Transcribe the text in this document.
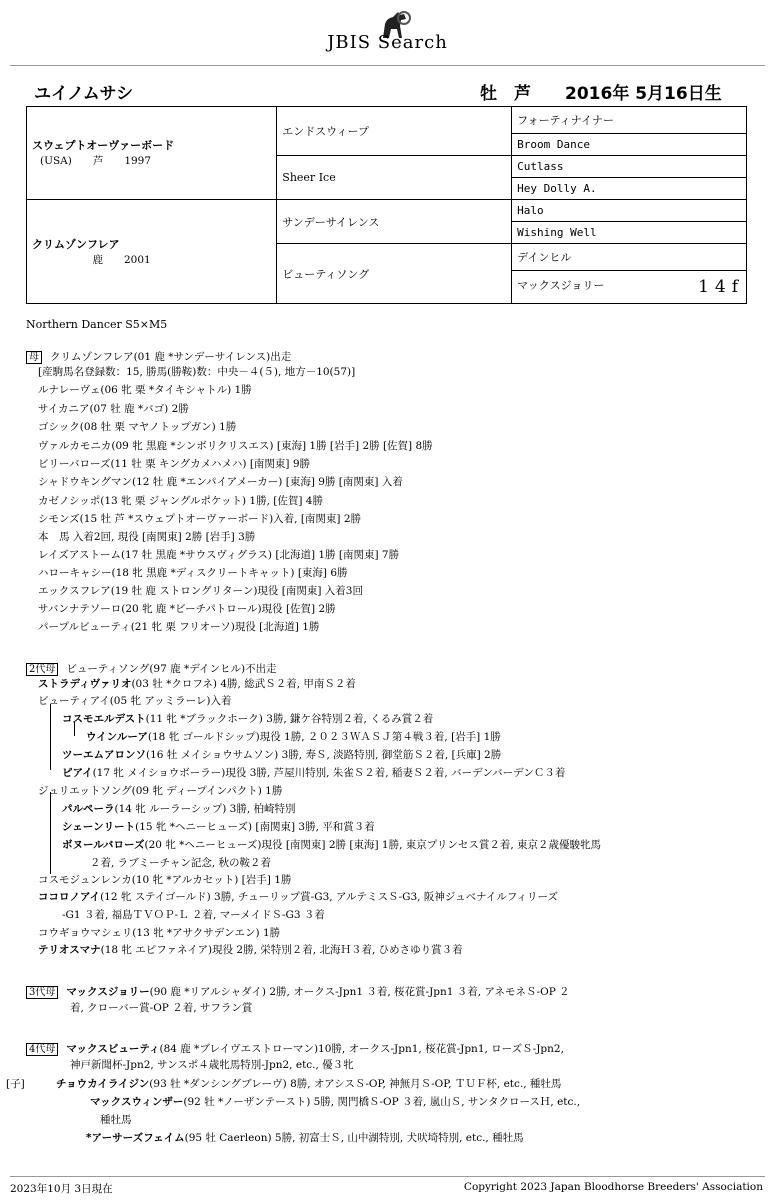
JBIS Search
ユイノムサシ	牡　芦　　2016年 5月16日生
スウェプトオーヴァーボード
(USA)　　芦　　1997	エンドスウィープ	フォーティナイナー
		Broom Dance
	Sheer Ice	Cutlass
		Hey Dolly A.

クリムゾンフレア
　　　　　鹿　　2001	サンデーサイレンス	Halo
		Wishing Well
	ビューティソング	デインヒル
		マックスジョリー 14f
Northern Dancer S5×M5
母 クリムゾンフレア(01 鹿 *サンデーサイレンス)出走
[産駒馬名登録数：15, 勝馬(勝鞍)数：中央－４(５), 地方－10(57)]
ルナレーヴェ(06 牝 栗 *タイキシャトル) 1勝
サイカニア(07 牡 鹿 *バゴ) 2勝
ゴシック(08 牡 栗 マヤノトップガン) 1勝
ヴァルカモニカ(09 牝 黒鹿 *シンボリクリスエス) [東海] 1勝 [岩手] 2勝 [佐賀] 8勝
ビリーバローズ(11 牡 栗 キングカメハメハ) [南関東] 9勝
シャドウキングマン(12 牡 鹿 *エンパイアメーカー) [東海] 9勝 [南関東] 入着
カゼノシッポ(13 牝 栗 ジャングルポケット) 1勝, [佐賀] 4勝
シモンズ(15 牡 芦 *スウェプトオーヴァーボード)入着, [南関東] 2勝
本　馬 入着2回, 現役 [南関東] 2勝 [岩手] 3勝
レイズアストーム(17 牡 黒鹿 *サウスヴィグラス) [北海道] 1勝 [南関東] 7勝
ハローキャシー(18 牝 黒鹿 *ディスクリートキャット) [東海] 6勝
エックスフレア(19 牡 鹿 ストロングリターン)現役 [南関東] 入着3回
サバンナテソーロ(20 牝 鹿 *ビーチパトロール)現役 [佐賀] 2勝
パープルビューティ(21 牝 栗 フリオーソ)現役 [北海道] 1勝
2代母 ビューティソング(97 鹿 *デインヒル)不出走
ストラディヴァリオ(03 牡 *クロフネ) 4勝, 総武Ｓ２着, 甲南Ｓ２着
ビューティアイ(05 牝 アッミラーレ)入着
コスモエルデスト(11 牝 *ブラックホーク) 3勝, 鎌ケ谷特別２着, くるみ賞２着
ウインルーア(18 牝 ゴールドシップ)現役 1勝, ２０２３ＷＡＳＪ第４戦３着, [岩手] 1勝
ツーエムアロンソ(16 牡 メイショウサムソン) 3勝, 寿Ｓ, 淡路特別, 御堂筋Ｓ２着, [兵庫] 2勝
ピアイ(17 牝 メイショウボーラー)現役 3勝, 芦屋川特別, 朱雀Ｓ２着, 稲妻Ｓ２着, バーデンバーデンＣ３着
ジュリエットソング(09 牝 ディープインパクト) 1勝
パルペーラ(14 牝 ルーラーシップ) 3勝, 柏崎特別
シェーンリート(15 牝 *ヘニーヒューズ) [南関東] 3勝, 平和賞３着
ボヌールバローズ(20 牝 *ヘニーヒューズ)現役 [南関東] 2勝 [東海] 1勝, 東京プリンセス賞２着, 東京２歳優駿牝馬
２着, ラブミーチャン記念, 秋の鞍２着
コスモジュンレンカ(10 牝 *アルカセット) [岩手] 1勝
ココロノアイ(12 牝 ステイゴールド) 3勝, チューリップ賞-G3, アルテミスＳ-G3, 阪神ジュベナイルフィリーズ
-G1 ３着, 福島ＴＶＯＰ-Ｌ ２着, マーメイドＳ-G3 ３着
コウギョウマシェリ(13 牝 *アサクサデンエン) 1勝
テリオスマナ(18 牝 エピファネイア)現役 2勝, 栄特別２着, 北海Ｈ３着, ひめさゆり賞３着
3代母 マックスジョリー(90 鹿 *リアルシャダイ) 2勝, オークス-Jpn1 ３着, 桜花賞-Jpn1 ３着, アネモネＳ-OP ２
着, クローバー賞-OP ２着, サフラン賞
4代母 マックスビューティ(84 鹿 *ブレイヴエストローマン)10勝, オークス-Jpn1, 桜花賞-Jpn1, ローズＳ-Jpn2,
神戸新聞杯-Jpn2, サンスポ４歳牝馬特別-Jpn2, etc., 優３牝
[子]	チョウカイライジン(93 牡 *ダンシングブレーヴ) 8勝, オアシスＳ-OP, 神無月Ｓ-OP, ＴＵＦ杯, etc., 種牡馬
マックスウィンザー(92 牡 *ノーザンテースト) 5勝, 関門橋Ｓ-OP ３着, 嵐山Ｓ, サンタクロースＨ, etc.,
種牡馬
*アーサーズフェイム(95 牡 Caerleon) 5勝, 初富士Ｓ, 山中湖特別, 犬吠埼特別, etc., 種牡馬
2023年10月 3日現在	Copyright 2023 Japan Bloodhorse Breeders' Association
